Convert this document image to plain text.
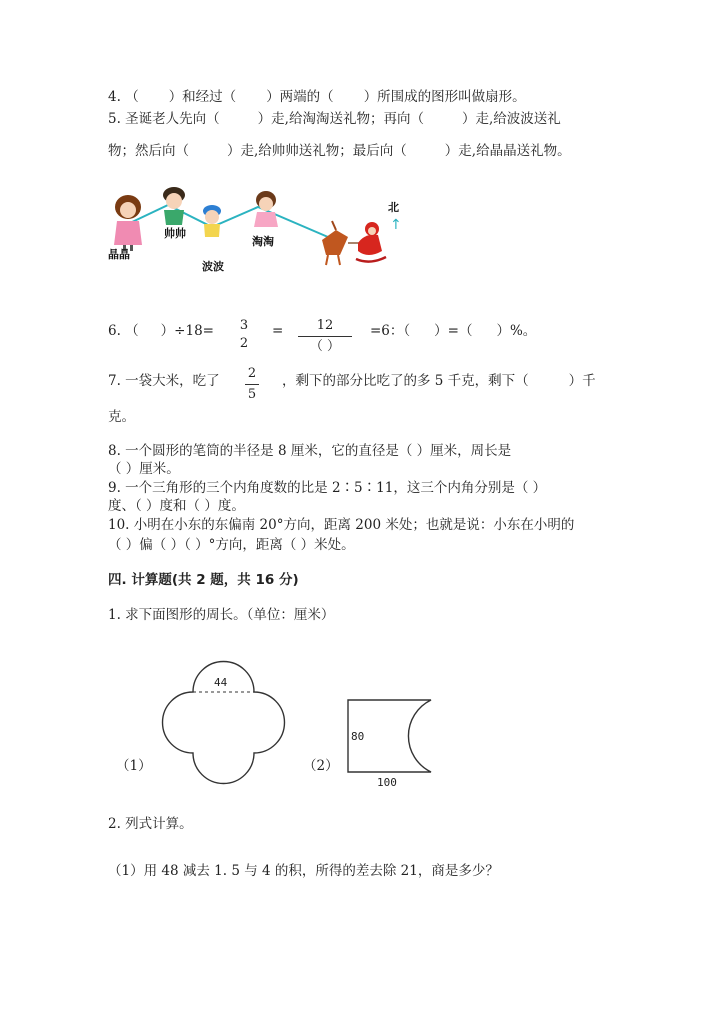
4. （ ）和经过（ ）两端的（ ）所围成的图形叫做扇形。
5. 圣诞老人先向（	）走,给淘淘送礼物；再向（	）走,给波波送礼
物；然后向（	）走,给帅帅送礼物；最后向（	）走,给晶晶送礼物。
北
↑
晶晶
帅帅
波波
淘淘
6. （ ）÷18= 3
2
=	12
（ ）
=6：（ ）=（ ）%。
7. 一袋大米，吃了 2
5
，剩下的部分比吃了的多 5 千克，剩下（	）千
克。
8. 一个圆形的笔筒的半径是 8 厘米，它的直径是（ ）厘米，周长是
（ ）厘米。
9. 一个三角形的三个内角度数的比是 2∶5∶11，这三个内角分别是（ ）
度、（ ）度和（ ）度。
10. 小明在小东的东偏南 20°方向，距离 200 米处；也就是说：小东在小明的
（ ）偏（ ）（ ）°方向，距离（ ）米处。
四. 计算题(共 2 题，共 16 分)
1. 求下面图形的周长。（单位：厘米）
（1）	（2）
44
80
100
2. 列式计算。
（1）用 48 减去 1. 5 与 4 的积，所得的差去除 21，商是多少？
